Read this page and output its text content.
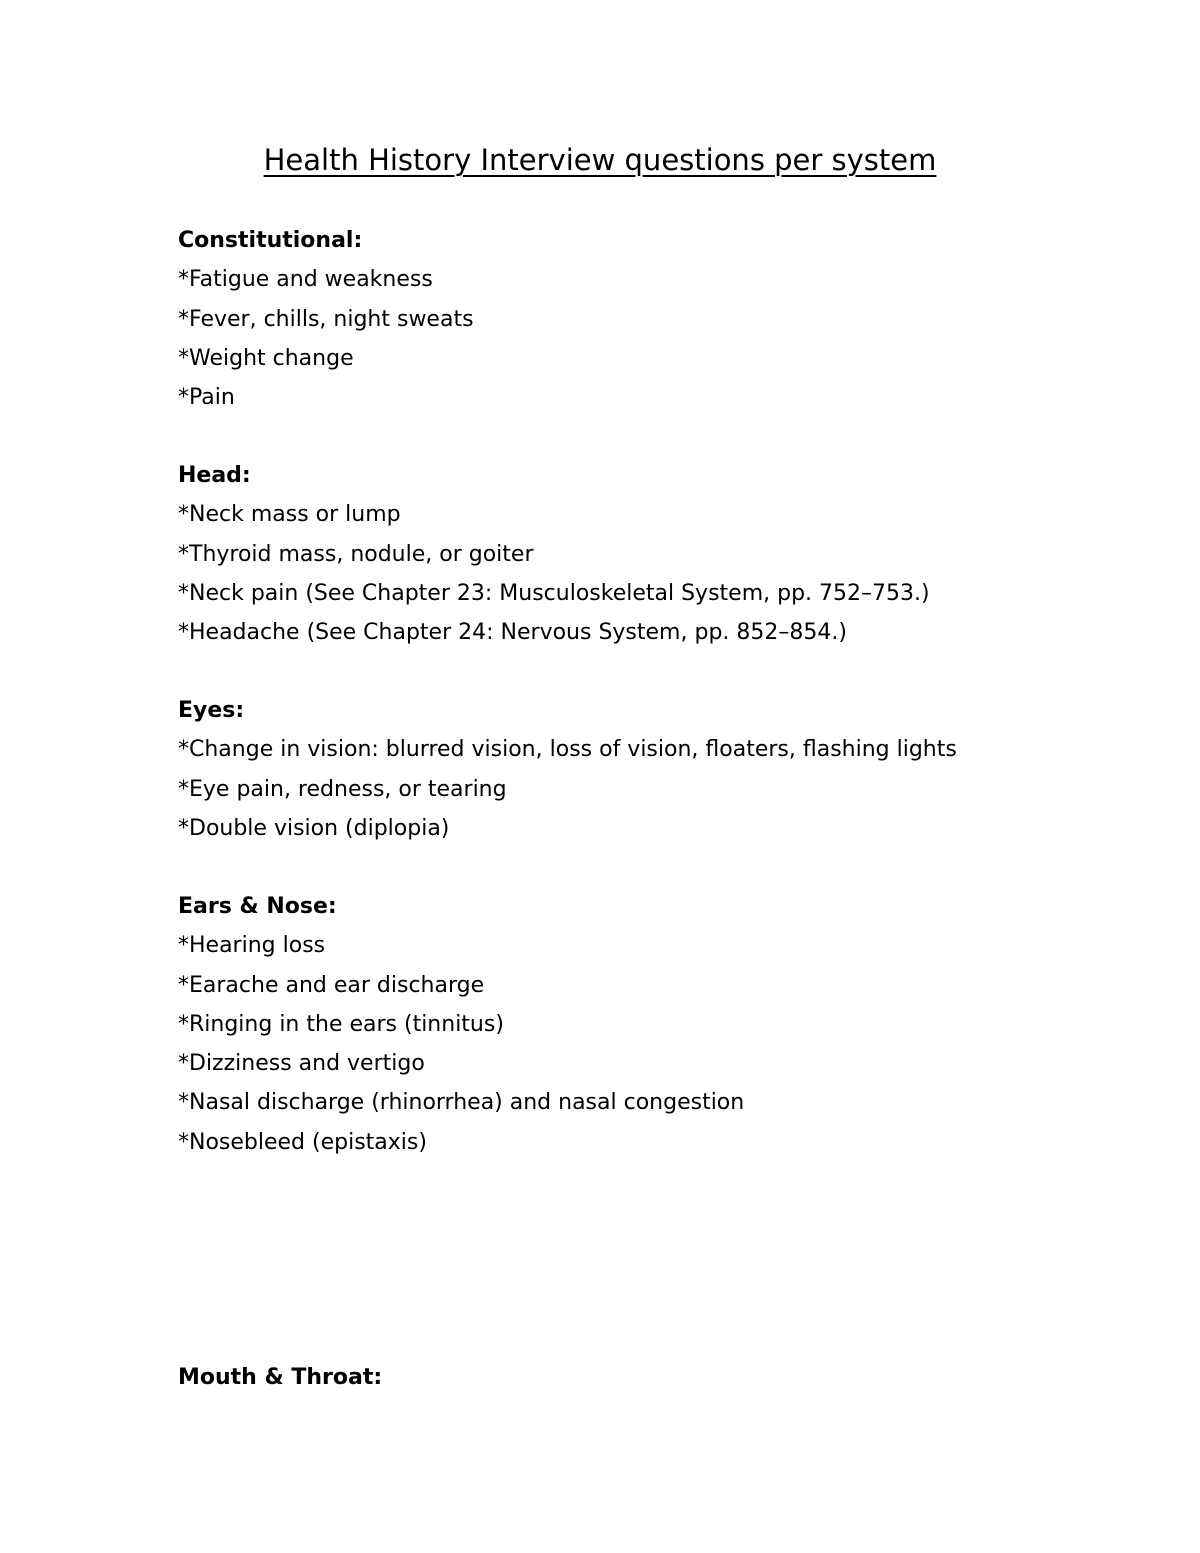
Health History Interview questions per system

Constitutional:

*Fatigue and weakness

*Fever, chills, night sweats

*Weight change

*Pain

Head:

*Neck mass or lump

*Thyroid mass, nodule, or goiter

*Neck pain (See Chapter 23: Musculoskeletal System, pp. 752–753.)

*Headache (See Chapter 24: Nervous System, pp. 852–854.)

Eyes:

*Change in vision: blurred vision, loss of vision, floaters, flashing lights

*Eye pain, redness, or tearing

*Double vision (diplopia)

Ears & Nose:

*Hearing loss

*Earache and ear discharge

*Ringing in the ears (tinnitus)

*Dizziness and vertigo

*Nasal discharge (rhinorrhea) and nasal congestion

*Nosebleed (epistaxis)

Mouth & Throat:
